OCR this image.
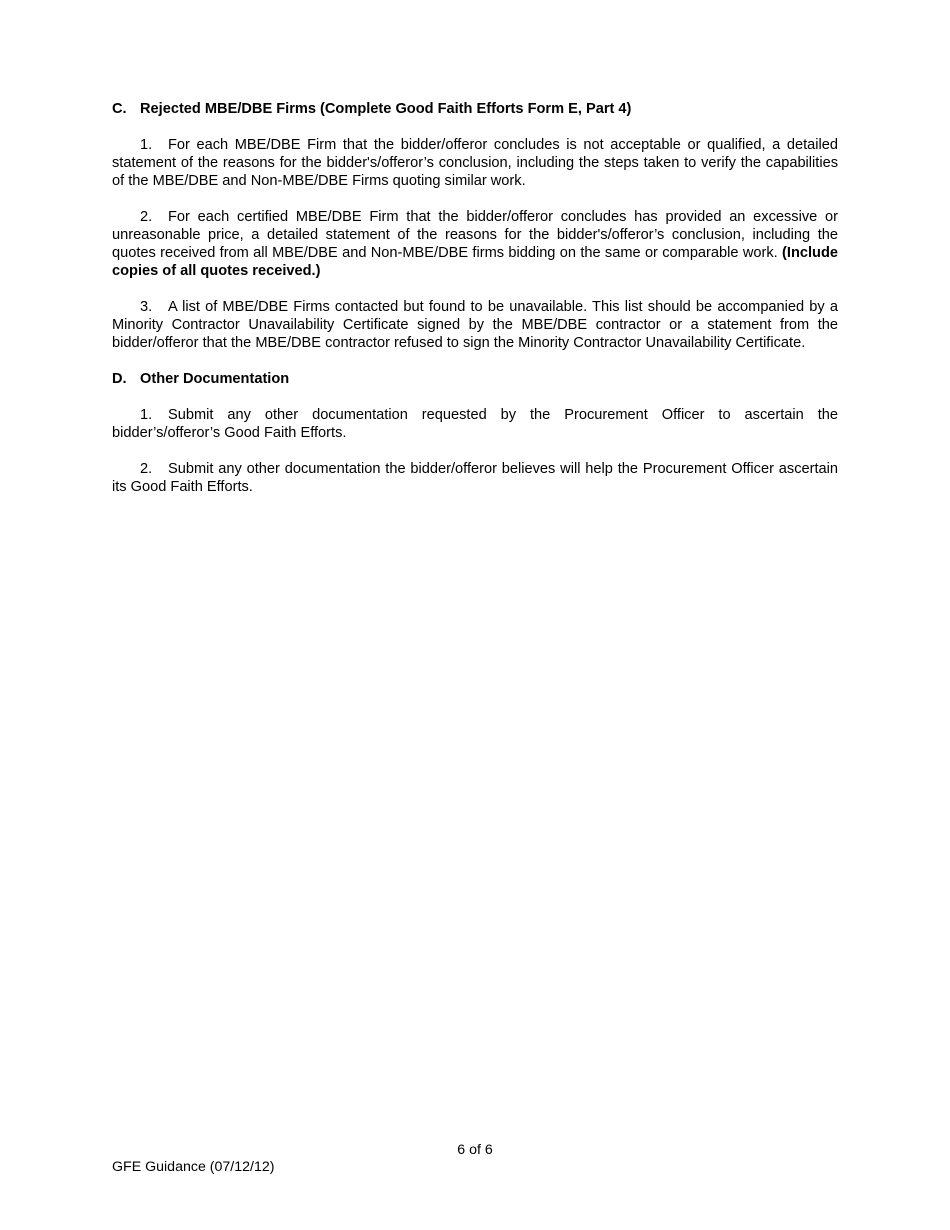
C. Rejected MBE/DBE Firms (Complete Good Faith Efforts Form E, Part 4)

1. For each MBE/DBE Firm that the bidder/offeror concludes is not acceptable or qualified, a detailed statement of the reasons for the bidder's/offeror’s conclusion, including the steps taken to verify the capabilities of the MBE/DBE and Non-MBE/DBE Firms quoting similar work.

2. For each certified MBE/DBE Firm that the bidder/offeror concludes has provided an excessive or unreasonable price, a detailed statement of the reasons for the bidder's/offeror’s conclusion, including the quotes received from all MBE/DBE and Non-MBE/DBE firms bidding on the same or comparable work. (Include copies of all quotes received.)

3. A list of MBE/DBE Firms contacted but found to be unavailable. This list should be accompanied by a Minority Contractor Unavailability Certificate signed by the MBE/DBE contractor or a statement from the bidder/offeror that the MBE/DBE contractor refused to sign the Minority Contractor Unavailability Certificate.

D. Other Documentation

1. Submit any other documentation requested by the Procurement Officer to ascertain the bidder’s/offeror’s Good Faith Efforts.

2. Submit any other documentation the bidder/offeror believes will help the Procurement Officer ascertain its Good Faith Efforts.

6 of 6
GFE Guidance (07/12/12)
